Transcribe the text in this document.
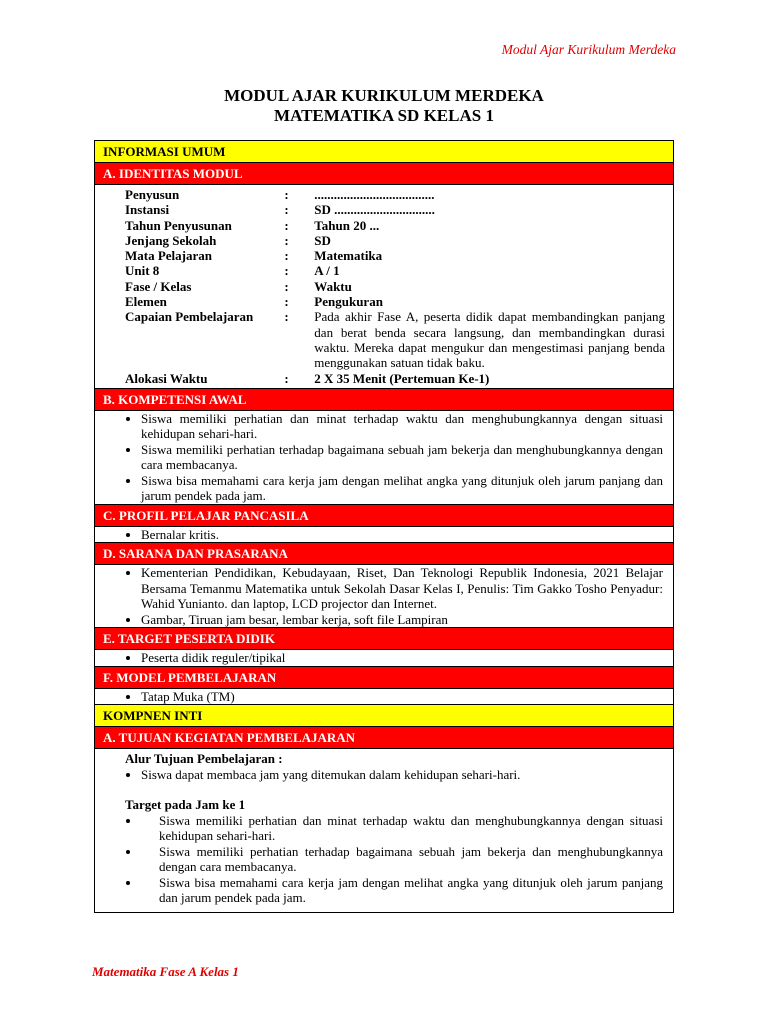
Modul Ajar Kurikulum Merdeka
MODUL AJAR KURIKULUM MERDEKA
MATEMATIKA SD KELAS 1
INFORMASI UMUM
A. IDENTITAS MODUL
Penyusun	:	.....................................
Instansi	:	SD ...............................
Tahun Penyusunan	:	Tahun 20 ...
Jenjang Sekolah	:	SD
Mata Pelajaran	:	Matematika
Unit 8	:	A / 1
Fase / Kelas	:	Waktu
Elemen	:	Pengukuran
Capaian Pembelajaran	:	Pada akhir Fase A, peserta didik dapat membandingkan panjang dan berat benda secara langsung, dan membandingkan durasi waktu. Mereka dapat mengukur dan mengestimasi panjang benda menggunakan satuan tidak baku.
Alokasi Waktu	:	2 X 35 Menit (Pertemuan Ke-1)
B. KOMPETENSI AWAL
• Siswa memiliki perhatian dan minat terhadap waktu dan menghubungkannya dengan situasi kehidupan sehari-hari.
• Siswa memiliki perhatian terhadap bagaimana sebuah jam bekerja dan menghubungkannya dengan cara membacanya.
• Siswa bisa memahami cara kerja jam dengan melihat angka yang ditunjuk oleh jarum panjang dan jarum pendek pada jam.
C. PROFIL PELAJAR PANCASILA
• Bernalar kritis.
D. SARANA DAN PRASARANA
• Kementerian Pendidikan, Kebudayaan, Riset, Dan Teknologi Republik Indonesia, 2021 Belajar Bersama Temanmu Matematika untuk Sekolah Dasar Kelas I, Penulis: Tim Gakko Tosho Penyadur: Wahid Yunianto. dan laptop, LCD projector dan Internet.
• Gambar, Tiruan jam besar, lembar kerja, soft file Lampiran
E. TARGET PESERTA DIDIK
• Peserta didik reguler/tipikal
F. MODEL PEMBELAJARAN
• Tatap Muka (TM)
KOMPNEN INTI
A. TUJUAN KEGIATAN PEMBELAJARAN
Alur Tujuan Pembelajaran :
• Siswa dapat membaca jam yang ditemukan dalam kehidupan sehari-hari.
Target pada Jam ke 1
• Siswa memiliki perhatian dan minat terhadap waktu dan menghubungkannya dengan situasi kehidupan sehari-hari.
• Siswa memiliki perhatian terhadap bagaimana sebuah jam bekerja dan menghubungkannya dengan cara membacanya.
• Siswa bisa memahami cara kerja jam dengan melihat angka yang ditunjuk oleh jarum panjang dan jarum pendek pada jam.
Matematika Fase A Kelas 1
